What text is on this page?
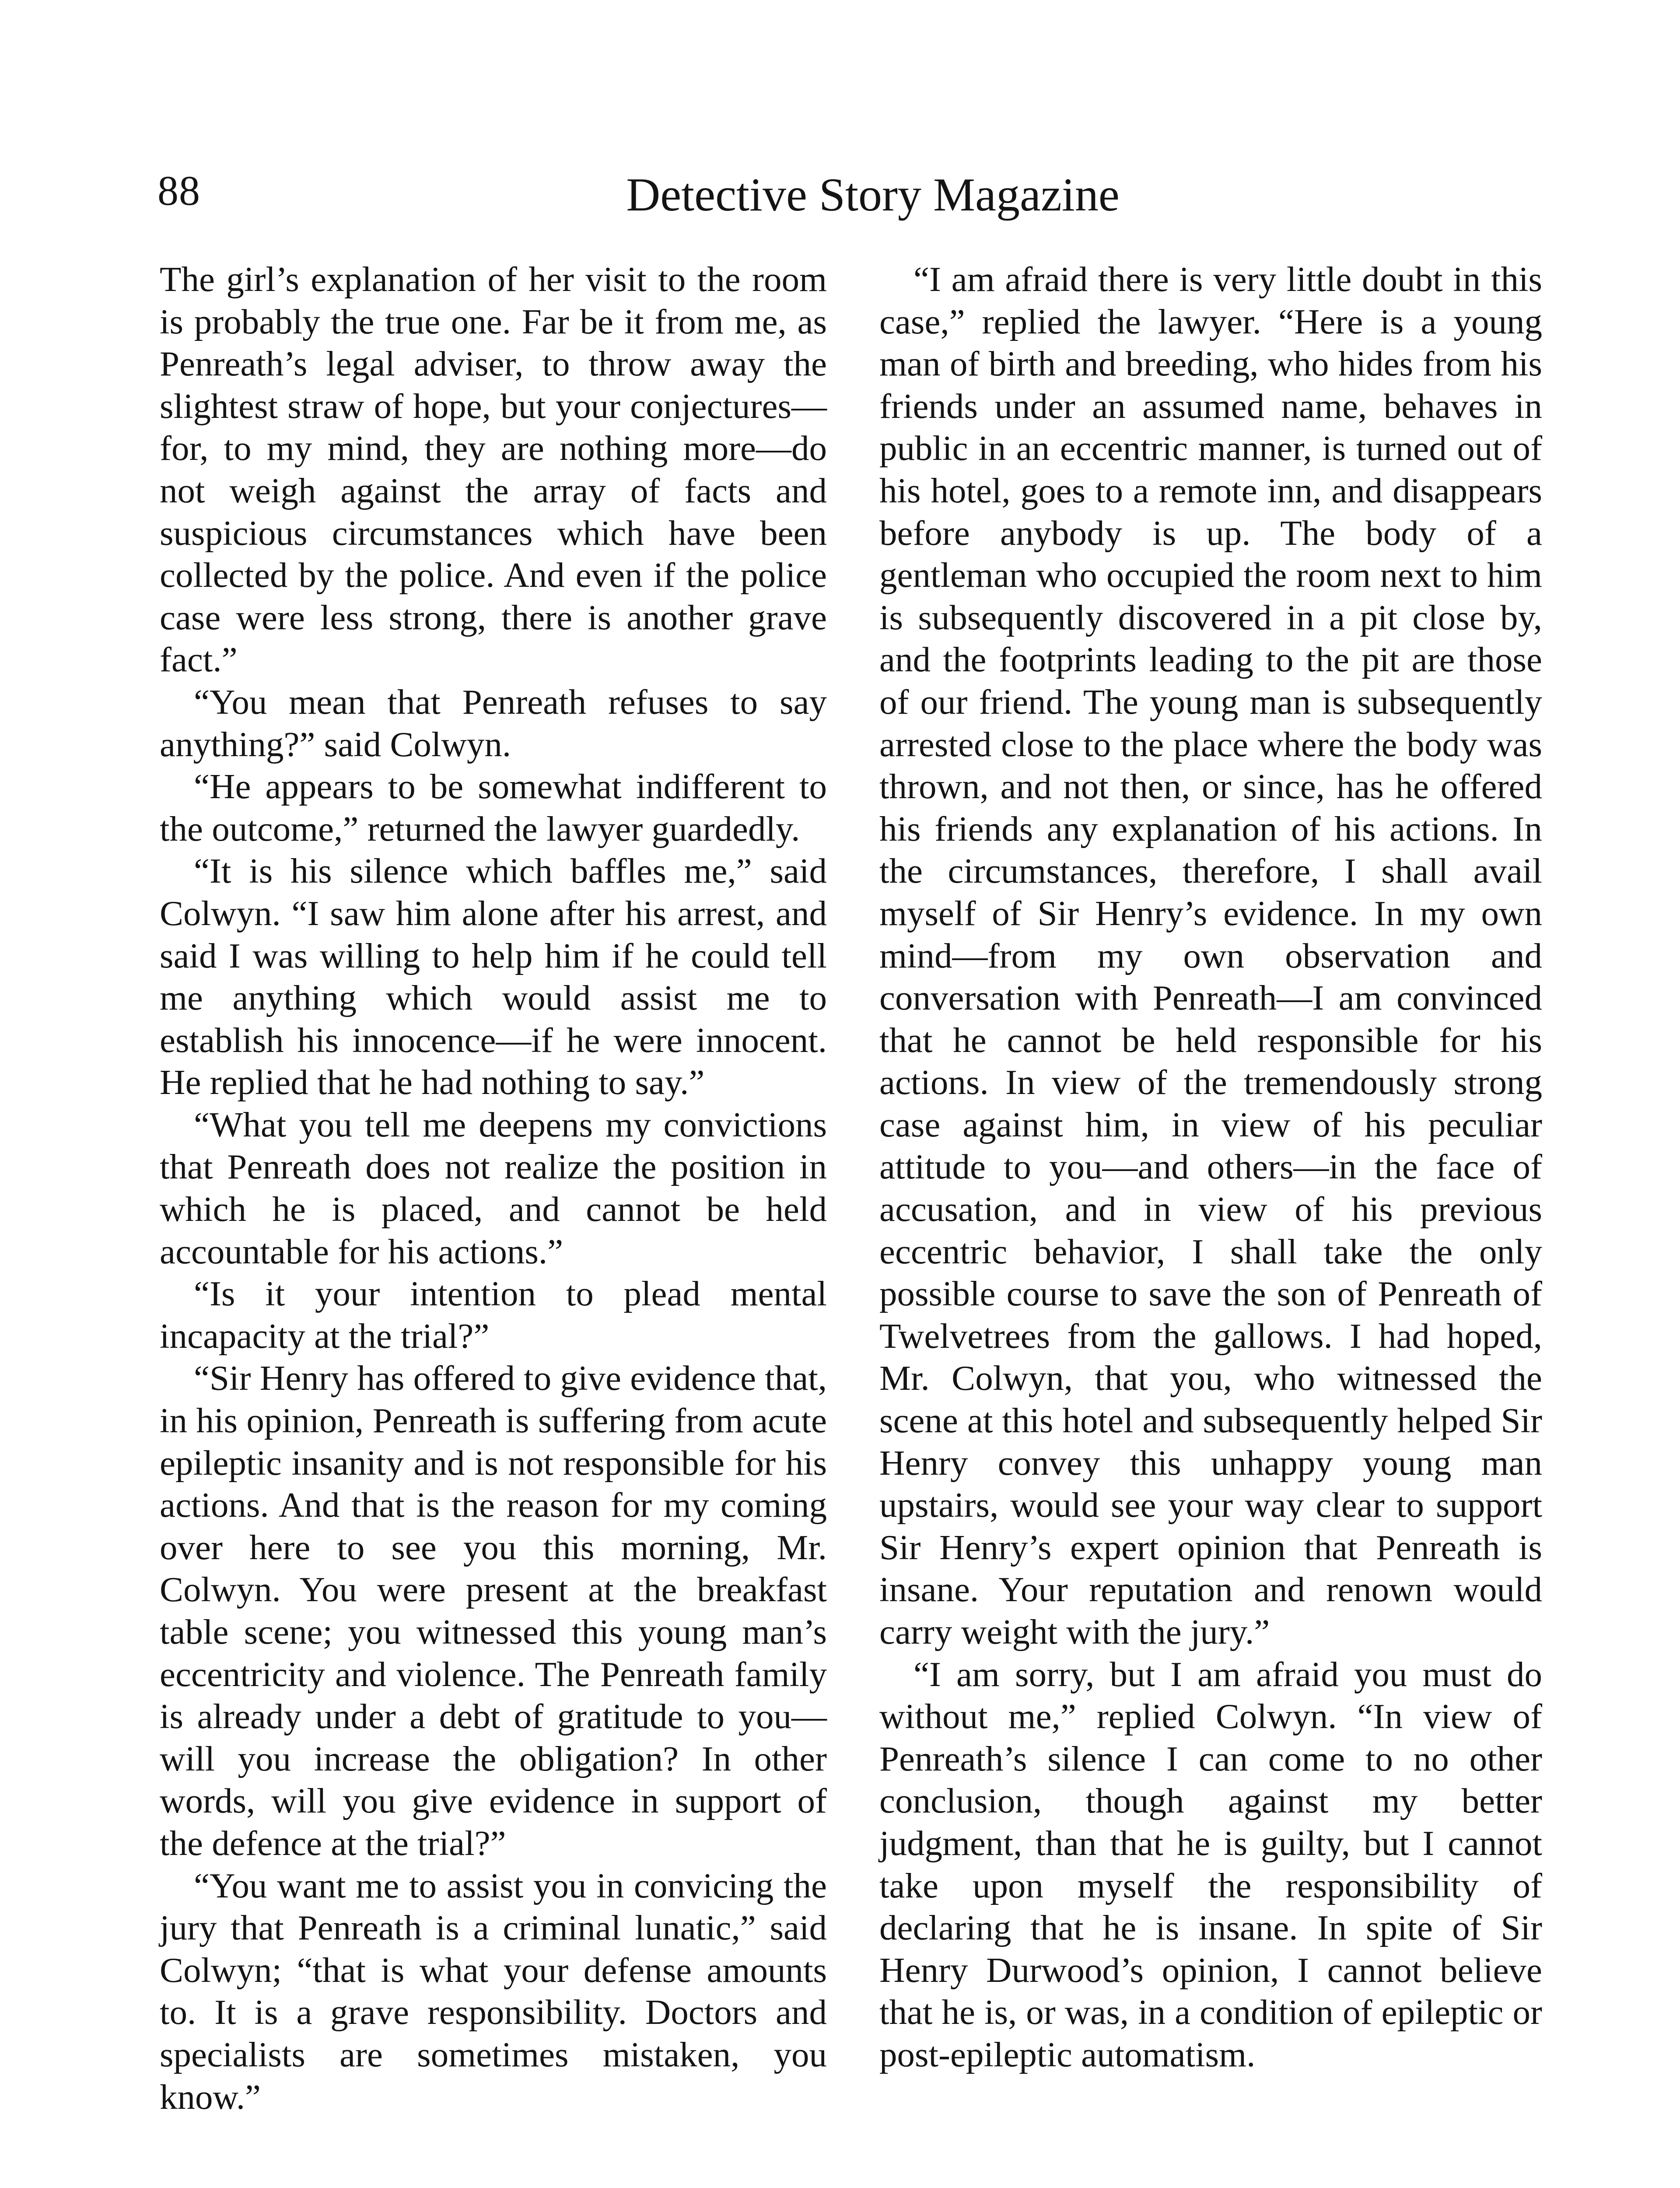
88	Detective Story Magazine

The girl’s explanation of her visit to the room is probably the true one. Far be it from me, as Penreath’s legal adviser, to throw away the slightest straw of hope, but your conjectures—for, to my mind, they are nothing more—do not weigh against the array of facts and suspicious circumstances which have been collected by the police. And even if the police case were less strong, there is another grave fact.”

“You mean that Penreath refuses to say anything?” said Colwyn.

“He appears to be somewhat indifferent to the outcome,” returned the lawyer guardedly.

“It is his silence which baffles me,” said Colwyn. “I saw him alone after his arrest, and said I was willing to help him if he could tell me anything which would assist me to establish his innocence—if he were innocent. He replied that he had nothing to say.”

“What you tell me deepens my convictions that Penreath does not realize the position in which he is placed, and cannot be held accountable for his actions.”

“Is it your intention to plead mental incapacity at the trial?”

“Sir Henry has offered to give evidence that, in his opinion, Penreath is suffering from acute epileptic insanity and is not responsible for his actions. And that is the reason for my coming over here to see you this morning, Mr. Colwyn. You were present at the breakfast table scene; you witnessed this young man’s eccentricity and violence. The Penreath family is already under a debt of gratitude to you—will you increase the obligation? In other words, will you give evidence in support of the defence at the trial?”

“You want me to assist you in convicing the jury that Penreath is a criminal lunatic,” said Colwyn; “that is what your defense amounts to. It is a grave responsibility. Doctors and specialists are sometimes mistaken, you know.”

“I am afraid there is very little doubt in this case,” replied the lawyer. “Here is a young man of birth and breeding, who hides from his friends under an assumed name, behaves in public in an eccentric manner, is turned out of his hotel, goes to a remote inn, and disappears before anybody is up. The body of a gentleman who occupied the room next to him is subsequently discovered in a pit close by, and the footprints leading to the pit are those of our friend. The young man is subsequently arrested close to the place where the body was thrown, and not then, or since, has he offered his friends any explanation of his actions. In the circumstances, therefore, I shall avail myself of Sir Henry’s evidence. In my own mind—from my own observation and conversation with Penreath—I am convinced that he cannot be held responsible for his actions. In view of the tremendously strong case against him, in view of his peculiar attitude to you—and others—in the face of accusation, and in view of his previous eccentric behavior, I shall take the only possible course to save the son of Penreath of Twelvetrees from the gallows. I had hoped, Mr. Colwyn, that you, who witnessed the scene at this hotel and subsequently helped Sir Henry convey this unhappy young man upstairs, would see your way clear to support Sir Henry’s expert opinion that Penreath is insane. Your reputation and renown would carry weight with the jury.”

“I am sorry, but I am afraid you must do without me,” replied Colwyn. “In view of Penreath’s silence I can come to no other conclusion, though against my better judgment, than that he is guilty, but I cannot take upon myself the responsibility of declaring that he is insane. In spite of Sir Henry Durwood’s opinion, I cannot believe that he is, or was, in a condition of epileptic or post-epileptic automatism.
